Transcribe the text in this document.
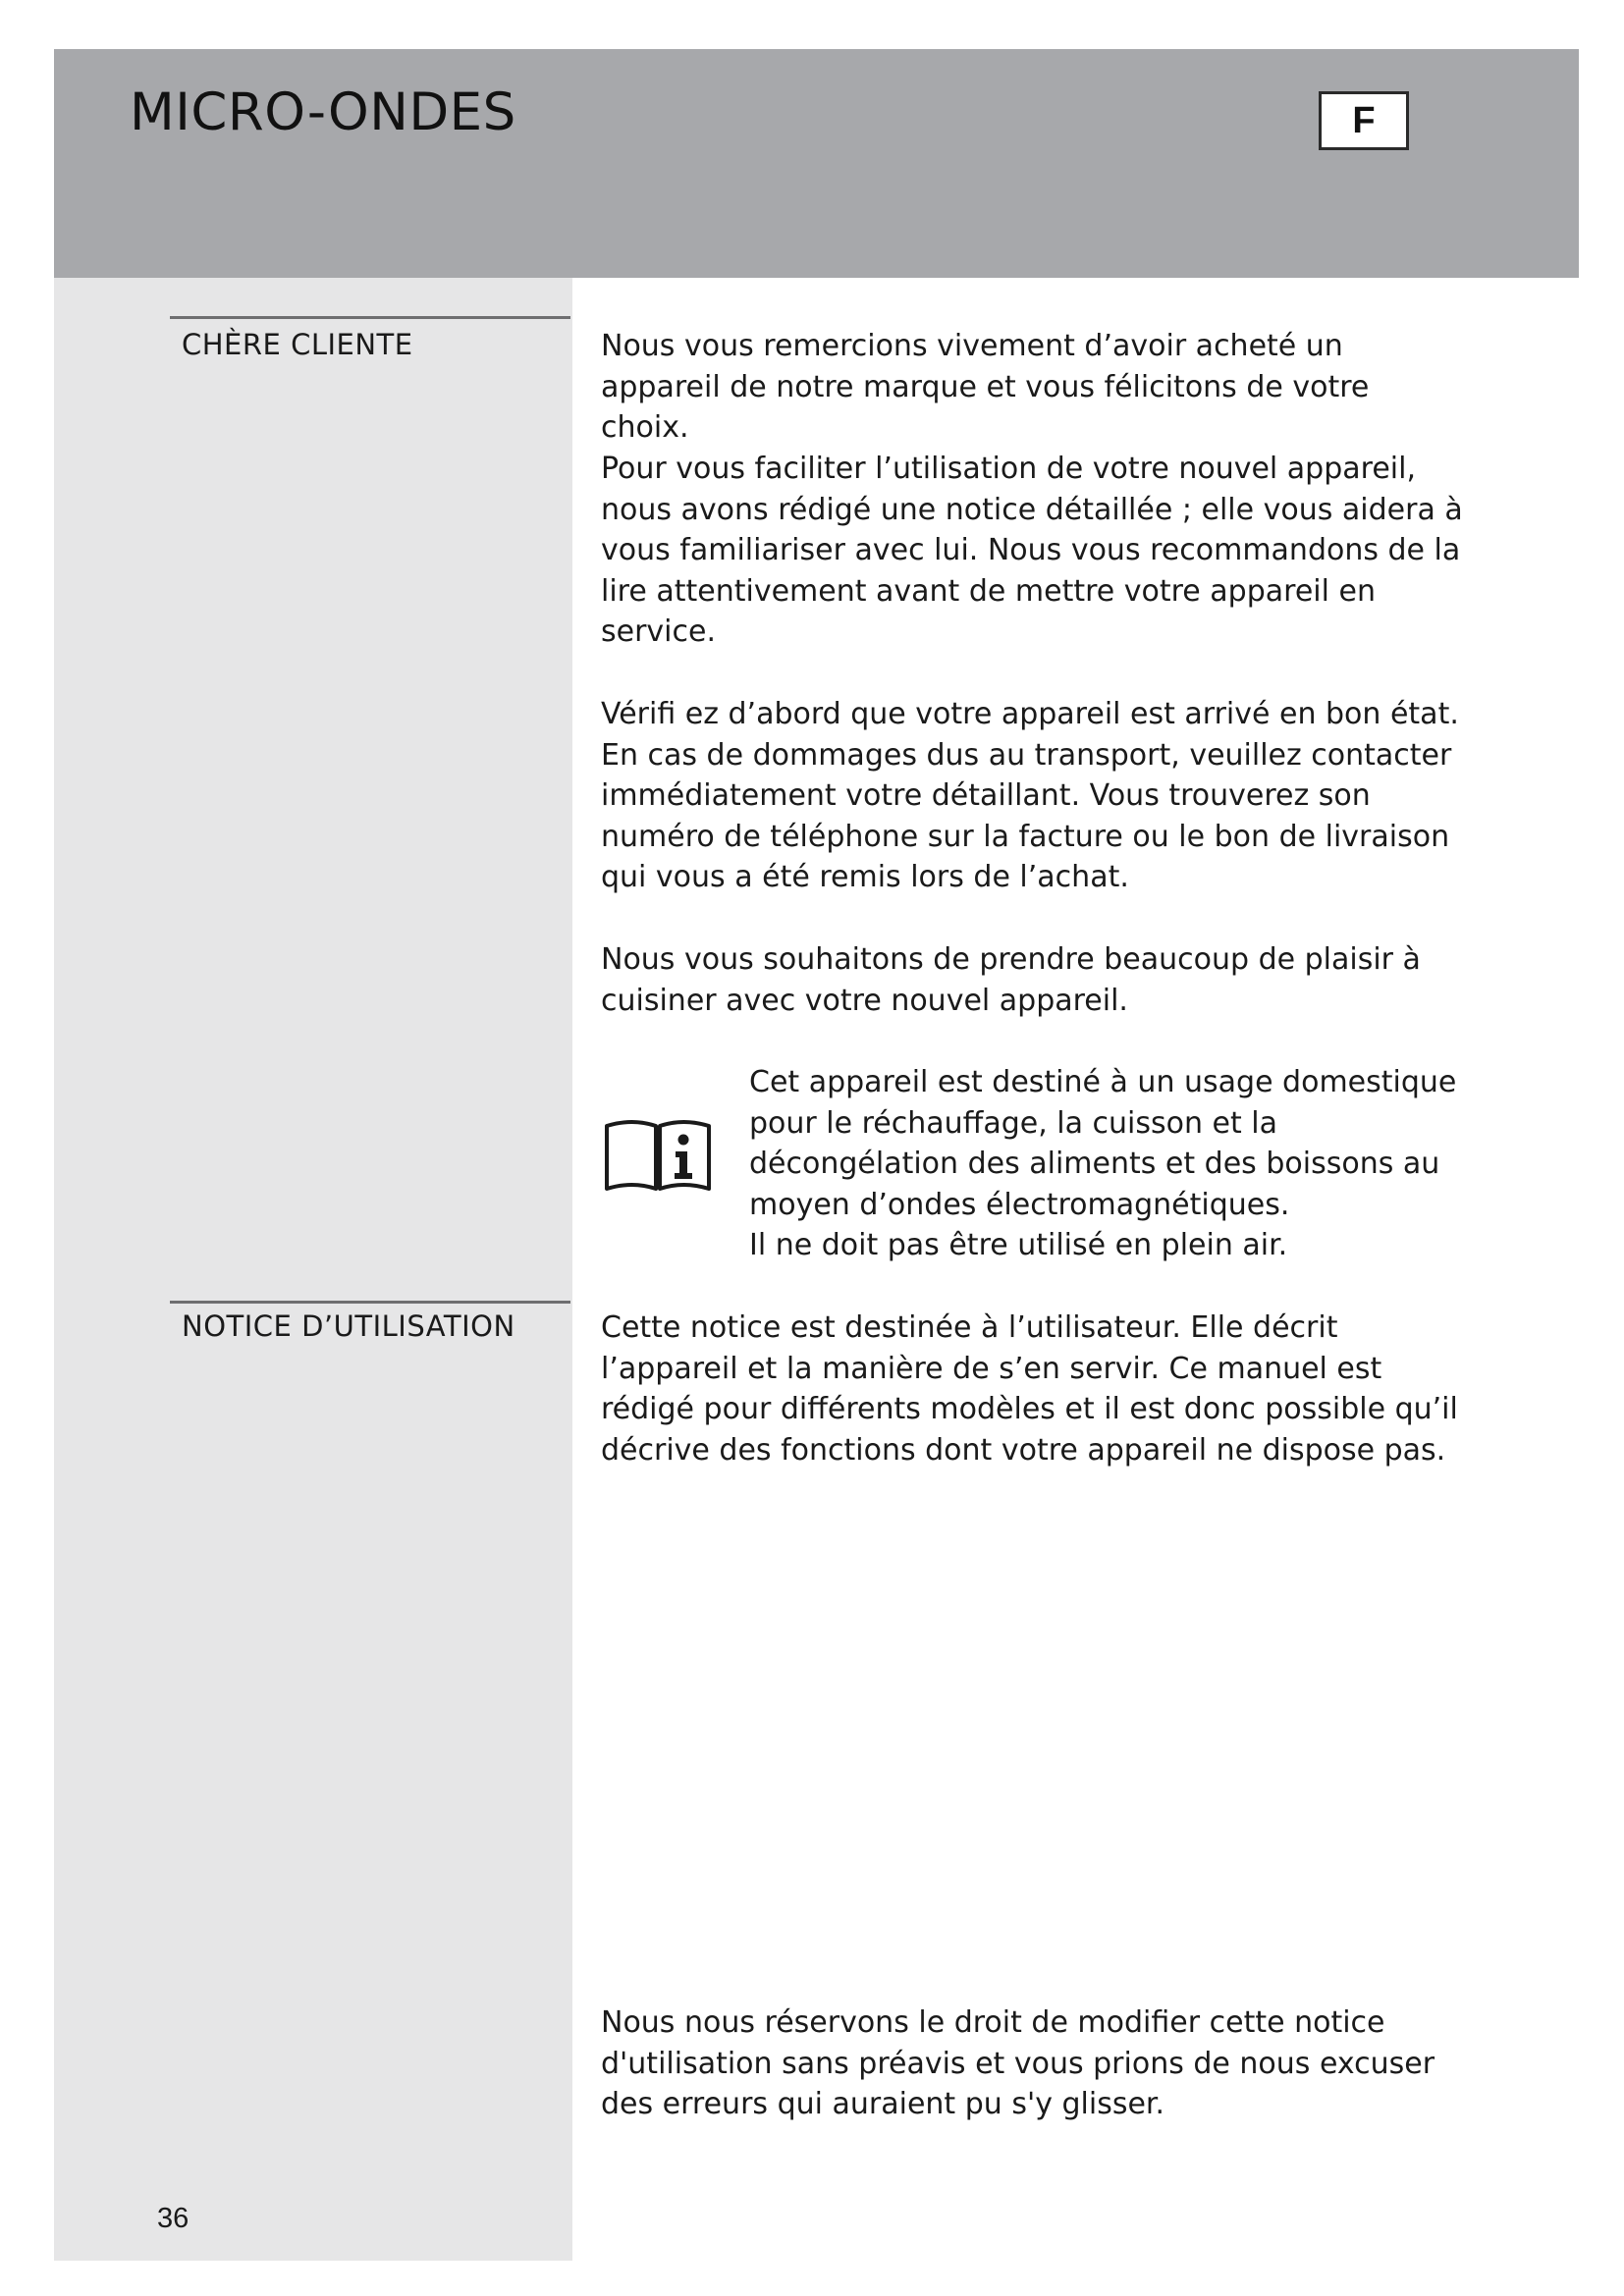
MICRO-ONDES	F
CHÈRE CLIENTE	Nous vous remercions vivement d’avoir acheté un appareil de notre marque et vous félicitons de votre choix.

Pour vous faciliter l’utilisation de votre nouvel appareil, nous avons rédigé une notice détaillée ; elle vous aidera à vous familiariser avec lui. Nous vous recommandons de la lire attentivement avant de mettre votre appareil en service.

Vérifi ez d’abord que votre appareil est arrivé en bon état. En cas de dommages dus au transport, veuillez contacter immédiatement votre détaillant. Vous trouverez son numéro de téléphone sur la facture ou le bon de livraison qui vous a été remis lors de l’achat.

Nous vous souhaitons de prendre beaucoup de plaisir à cuisiner avec votre nouvel appareil.

Cet appareil est destiné à un usage domestique
pour le réchauffage, la cuisson et la
décongélation des aliments et des boissons au
moyen d’ondes électromagnétiques.
Il ne doit pas être utilisé en plein air.

NOTICE D’UTILISATION	Cette notice est destinée à l’utilisateur. Elle décrit l’appareil et la manière de s’en servir. Ce manuel est rédigé pour différents modèles et il est donc possible qu’il décrive des fonctions dont votre appareil ne dispose pas.

Nous nous réservons le droit de modifier cette notice d'utilisation sans préavis et vous prions de nous excuser des erreurs qui auraient pu s'y glisser.

36
